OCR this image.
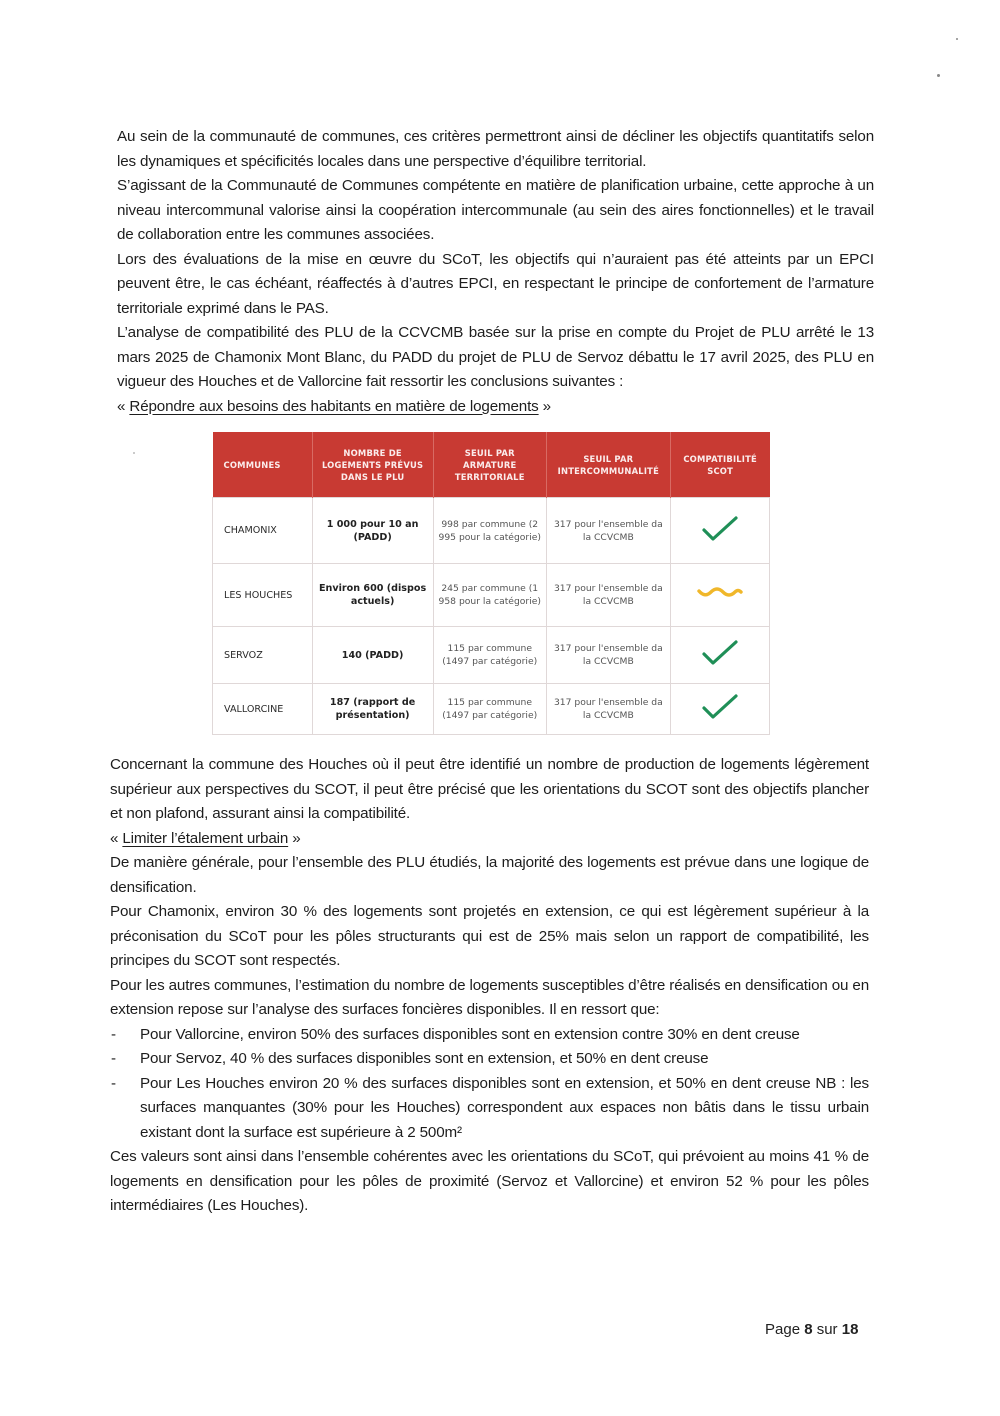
Au sein de la communauté de communes, ces critères permettront ainsi de décliner les objectifs quantitatifs selon les dynamiques et spécificités locales dans une perspective d’équilibre territorial.
S’agissant de la Communauté de Communes compétente en matière de planification urbaine, cette approche à un niveau intercommunal valorise ainsi la coopération intercommunale (au sein des aires fonctionnelles) et le travail de collaboration entre les communes associées.
Lors des évaluations de la mise en œuvre du SCoT, les objectifs qui n’auraient pas été atteints par un EPCI peuvent être, le cas échéant, réaffectés à d’autres EPCI, en respectant le principe de confortement de l’armature territoriale exprimé dans le PAS.
L’analyse de compatibilité des PLU de la CCVCMB basée sur la prise en compte du Projet de PLU arrêté le 13 mars 2025 de Chamonix Mont Blanc, du PADD du projet de PLU de Servoz débattu le 17 avril 2025, des PLU en vigueur des Houches et de Vallorcine fait ressortir les conclusions suivantes :
« Répondre aux besoins des habitants en matière de logements »
COMMUNES	NOMBRE DE LOGEMENTS PRÉVUS DANS LE PLU	SEUIL PAR ARMATURE TERRITORIALE	SEUIL PAR INTERCOMMUNALITÉ	COMPATIBILITÉ SCOT
CHAMONIX	1 000 pour 10 an (PADD)	998 par commune (2 995 pour la catégorie)	317 pour l'ensemble da la CCVCMB	
LES HOUCHES	Environ 600 (dispos actuels)	245 par commune (1 958 pour la catégorie)	317 pour l'ensemble da la CCVCMB	
SERVOZ	140 (PADD)	115 par commune (1497 par catégorie)	317 pour l'ensemble da la CCVCMB	
VALLORCINE	187 (rapport de présentation)	115 par commune (1497 par catégorie)	317 pour l'ensemble da la CCVCMB	
Concernant la commune des Houches où il peut être identifié un nombre de production de logements légèrement supérieur aux perspectives du SCOT, il peut être précisé que les orientations du SCOT sont des objectifs plancher et non plafond, assurant ainsi la compatibilité.
« Limiter l’étalement urbain »
De manière générale, pour l’ensemble des PLU étudiés, la majorité des logements est prévue dans une logique de densification.
Pour Chamonix, environ 30 % des logements sont projetés en extension, ce qui est légèrement supérieur à la préconisation du SCoT pour les pôles structurants qui est de 25% mais selon un rapport de compatibilité, les principes du SCOT sont respectés.
Pour les autres communes, l’estimation du nombre de logements susceptibles d’être réalisés en densification ou en extension repose sur l’analyse des surfaces foncières disponibles. Il en ressort que:
- Pour Vallorcine, environ 50% des surfaces disponibles sont en extension contre 30% en dent creuse
- Pour Servoz, 40 % des surfaces disponibles sont en extension, et 50% en dent creuse
- Pour Les Houches environ 20 % des surfaces disponibles sont en extension, et 50% en dent creuse NB : les surfaces manquantes (30% pour les Houches) correspondent aux espaces non bâtis dans le tissu urbain existant dont la surface est supérieure à 2 500m²
Ces valeurs sont ainsi dans l’ensemble cohérentes avec les orientations du SCoT, qui prévoient au moins 41 % de logements en densification pour les pôles de proximité (Servoz et Vallorcine) et environ 52 % pour les pôles intermédiaires (Les Houches).
Page 8 sur 18
